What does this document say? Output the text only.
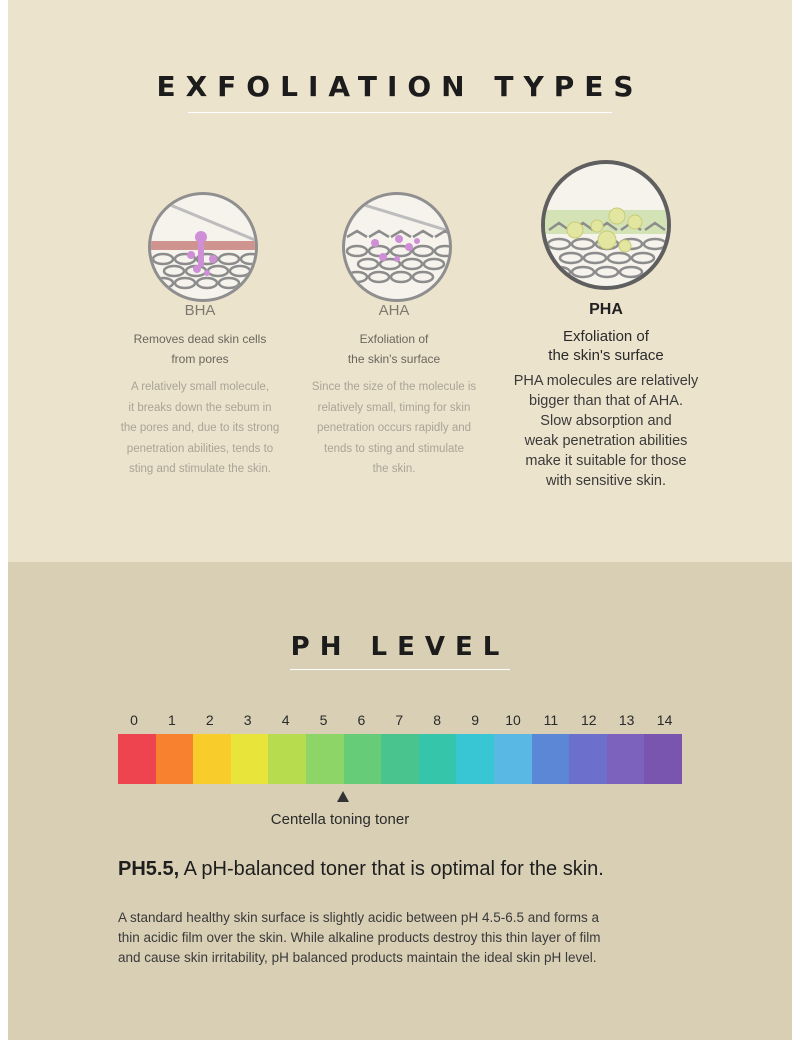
EXFOLIATION TYPES
BHA
Removes dead skin cells
from pores
A relatively small molecule,
it breaks down the sebum in
the pores and, due to its strong
penetration abilities, tends to
sting and stimulate the skin.
AHA
Exfoliation of
the skin's surface
Since the size of the molecule is
relatively small, timing for skin
penetration occurs rapidly and
tends to sting and stimulate
the skin.
PHA
Exfoliation of
the skin's surface
PHA molecules are relatively
bigger than that of AHA.
Slow absorption and
weak penetration abilities
make it suitable for those
with sensitive skin.
PH LEVEL
0	1	2	3	4	5	6	7	8	9	10	11	12	13	14
Centella toning toner
PH5.5, A pH-balanced toner that is optimal for the skin.
A standard healthy skin surface is slightly acidic between pH 4.5-6.5 and forms a
thin acidic film over the skin. While alkaline products destroy this thin layer of film
and cause skin irritability, pH balanced products maintain the ideal skin pH level.
